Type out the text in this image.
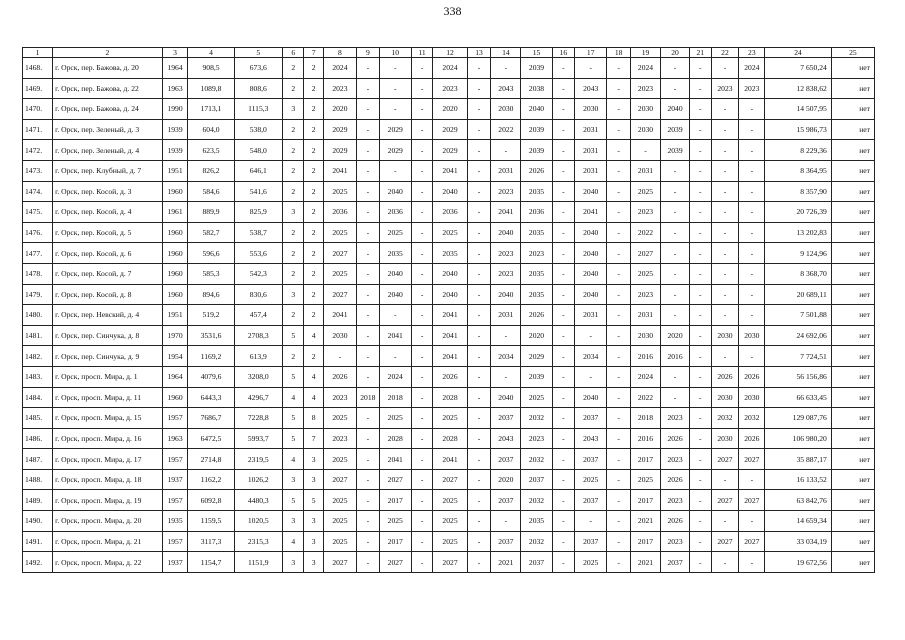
338
1	2	3	4	5	6	7	8	9	10	11	12	13	14	15	16	17	18	19	20	21	22	23	24	25
1468.	г. Орск, пер. Бажова, д. 20	1964	908,5	673,6	2	2	2024	-	-	-	2024	-	-	2039	-	-	-	2024	-	-	-	2024	7 650,24	нет
1469.	г. Орск, пер. Бажова, д. 22	1963	1089,8	808,6	2	2	2023	-	-	-	2023	-	2043	2038	-	2043	-	2023	-	-	2023	2023	12 838,62	нет
1470.	г. Орск, пер. Бажова, д. 24	1990	1713,1	1115,3	3	2	2020	-	-	-	2020	-	2030	2040	-	2030	-	2030	2040	-	-	-	14 507,95	нет
1471.	г. Орск, пер. Зеленый, д. 3	1939	604,0	538,0	2	2	2029	-	2029	-	2029	-	2022	2039	-	2031	-	2030	2039	-	-	-	15 986,73	нет
1472.	г. Орск, пер. Зеленый, д. 4	1939	623,5	548,0	2	2	2029	-	2029	-	2029	-	-	2039	-	2031	-	-	2039	-	-	-	8 229,36	нет
1473.	г. Орск, пер. Клубный, д. 7	1951	826,2	646,1	2	2	2041	-	-	-	2041	-	2031	2026	-	2031	-	2031	-	-	-	-	8 364,95	нет
1474.	г. Орск, пер. Косой, д. 3	1960	584,6	541,6	2	2	2025	-	2040	-	2040	-	2023	2035	-	2040	-	2025	-	-	-	-	8 357,90	нет
1475.	г. Орск, пер. Косой, д. 4	1961	889,9	825,9	3	2	2036	-	2036	-	2036	-	2041	2036	-	2041	-	2023	-	-	-	-	20 726,39	нет
1476.	г. Орск, пер. Косой, д. 5	1960	582,7	538,7	2	2	2025	-	2025	-	2025	-	2040	2035	-	2040	-	2022	-	-	-	-	13 202,83	нет
1477.	г. Орск, пер. Косой, д. 6	1960	596,6	553,6	2	2	2027	-	2035	-	2035	-	2023	2023	-	2040	-	2027	-	-	-	-	9 124,96	нет
1478.	г. Орск, пер. Косой, д. 7	1960	585,3	542,3	2	2	2025	-	2040	-	2040	-	2023	2035	-	2040	-	2025	-	-	-	-	8 368,70	нет
1479.	г. Орск, пер. Косой, д. 8	1960	894,6	830,6	3	2	2027	-	2040	-	2040	-	2040	2035	-	2040	-	2023	-	-	-	-	20 689,11	нет
1480.	г. Орск, пер. Невский, д. 4	1951	519,2	457,4	2	2	2041	-	-	-	2041	-	2031	2026	-	2031	-	2031	-	-	-	-	7 501,88	нет
1481.	г. Орск, пер. Синчука, д. 8	1970	3531,6	2708,3	5	4	2030	-	2041	-	2041	-	-	2020	-	-	-	2030	2020	-	2030	2030	24 692,06	нет
1482.	г. Орск, пер. Синчука, д. 9	1954	1169,2	613,9	2	2	-	-	-	-	2041	-	2034	2029	-	2034	-	2016	2016	-	-	-	7 724,51	нет
1483.	г. Орск, просп. Мира, д. 1	1964	4079,6	3208,0	5	4	2026	-	2024	-	2026	-	-	2039	-	-	-	2024	-	-	2026	2026	56 156,86	нет
1484.	г. Орск, просп. Мира, д. 11	1960	6443,3	4296,7	4	4	2023	2018	2018	-	2028	-	2040	2025	-	2040	-	2022	-	-	2030	2030	66 633,45	нет
1485.	г. Орск, просп. Мира, д. 15	1957	7686,7	7228,8	5	8	2025	-	2025	-	2025	-	2037	2032	-	2037	-	2018	2023	-	2032	2032	129 087,76	нет
1486.	г. Орск, просп. Мира, д. 16	1963	6472,5	5993,7	5	7	2023	-	2028	-	2028	-	2043	2023	-	2043	-	2016	2026	-	2030	2026	106 980,20	нет
1487.	г. Орск, просп. Мира, д. 17	1957	2714,8	2319,5	4	3	2025	-	2041	-	2041	-	2037	2032	-	2037	-	2017	2023	-	2027	2027	35 887,17	нет
1488.	г. Орск, просп. Мира, д. 18	1937	1162,2	1026,2	3	3	2027	-	2027	-	2027	-	2020	2037	-	2025	-	2025	2026	-	-	-	16 133,52	нет
1489.	г. Орск, просп. Мира, д. 19	1957	6092,8	4480,3	5	5	2025	-	2017	-	2025	-	2037	2032	-	2037	-	2017	2023	-	2027	2027	63 842,76	нет
1490.	г. Орск, просп. Мира, д. 20	1935	1159,5	1020,5	3	3	2025	-	2025	-	2025	-	-	2035	-	-	-	2021	2026	-	-	-	14 659,34	нет
1491.	г. Орск, просп. Мира, д. 21	1957	3117,3	2315,3	4	3	2025	-	2017	-	2025	-	2037	2032	-	2037	-	2017	2023	-	2027	2027	33 034,19	нет
1492.	г. Орск, просп. Мира, д. 22	1937	1154,7	1151,9	3	3	2027	-	2027	-	2027	-	2021	2037	-	2025	-	2021	2037	-	-	-	19 672,56	нет
